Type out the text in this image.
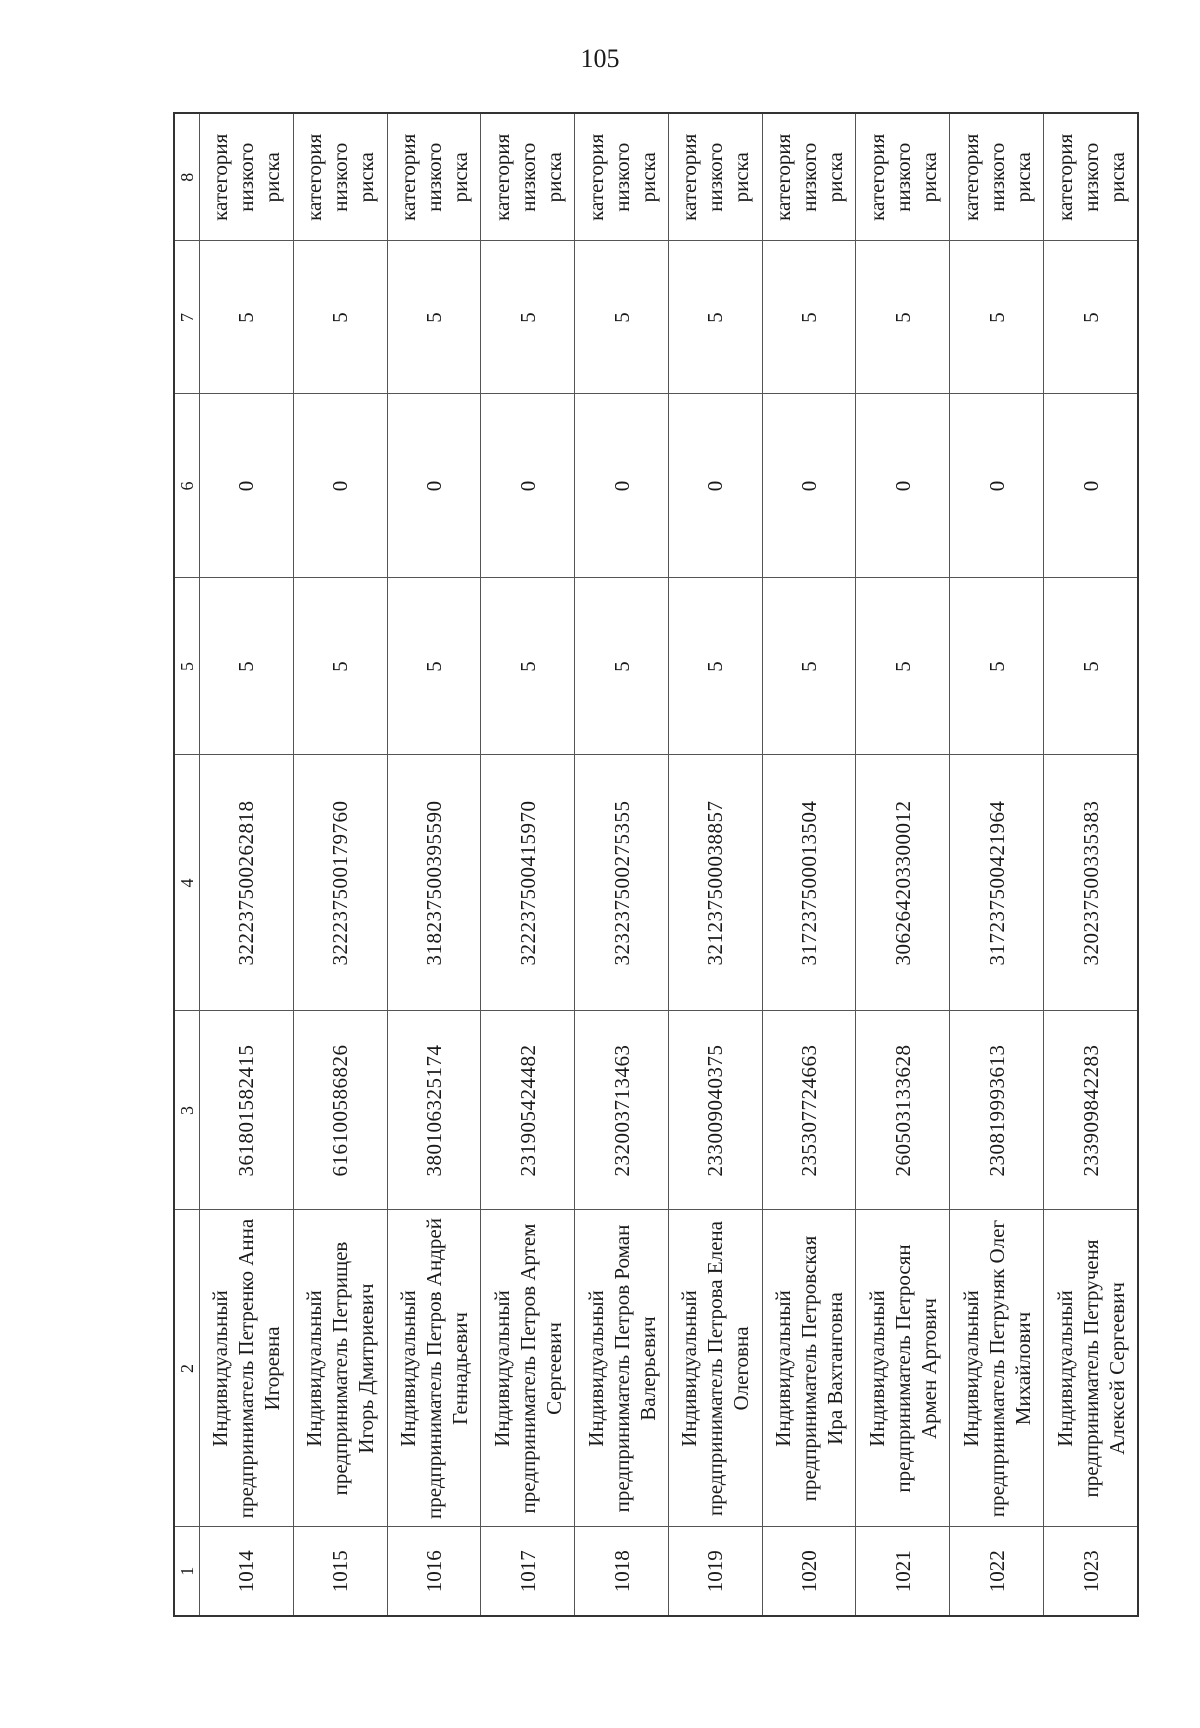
105
1	2	3	4	5	6	7	8
1014	Индивидуальный предприниматель Петренко Анна Игоревна	361801582415	322237500262818	5	0	5	категория низкого риска
1015	Индивидуальный предприниматель Петрищев Игорь Дмитриевич	616100586826	322237500179760	5	0	5	категория низкого риска
1016	Индивидуальный предприниматель Петров Андрей Геннадьевич	380106325174	318237500395590	5	0	5	категория низкого риска
1017	Индивидуальный предприниматель Петров Артем Сергеевич	231905424482	322237500415970	5	0	5	категория низкого риска
1018	Индивидуальный предприниматель Петров Роман Валерьевич	232003713463	323237500275355	5	0	5	категория низкого риска
1019	Индивидуальный предприниматель Петрова Елена Олеговна	233009040375	321237500038857	5	0	5	категория низкого риска
1020	Индивидуальный предприниматель Петровская Ира Вахтанговна	235307724663	317237500013504	5	0	5	категория низкого риска
1021	Индивидуальный предприниматель Петросян Армен Артович	260503133628	306264203300012	5	0	5	категория низкого риска
1022	Индивидуальный предприниматель Петруняк Олег Михайлович	230819993613	317237500421964	5	0	5	категория низкого риска
1023	Индивидуальный предприниматель Петрученя Алексей Сергеевич	233909842283	320237500335383	5	0	5	категория низкого риска
